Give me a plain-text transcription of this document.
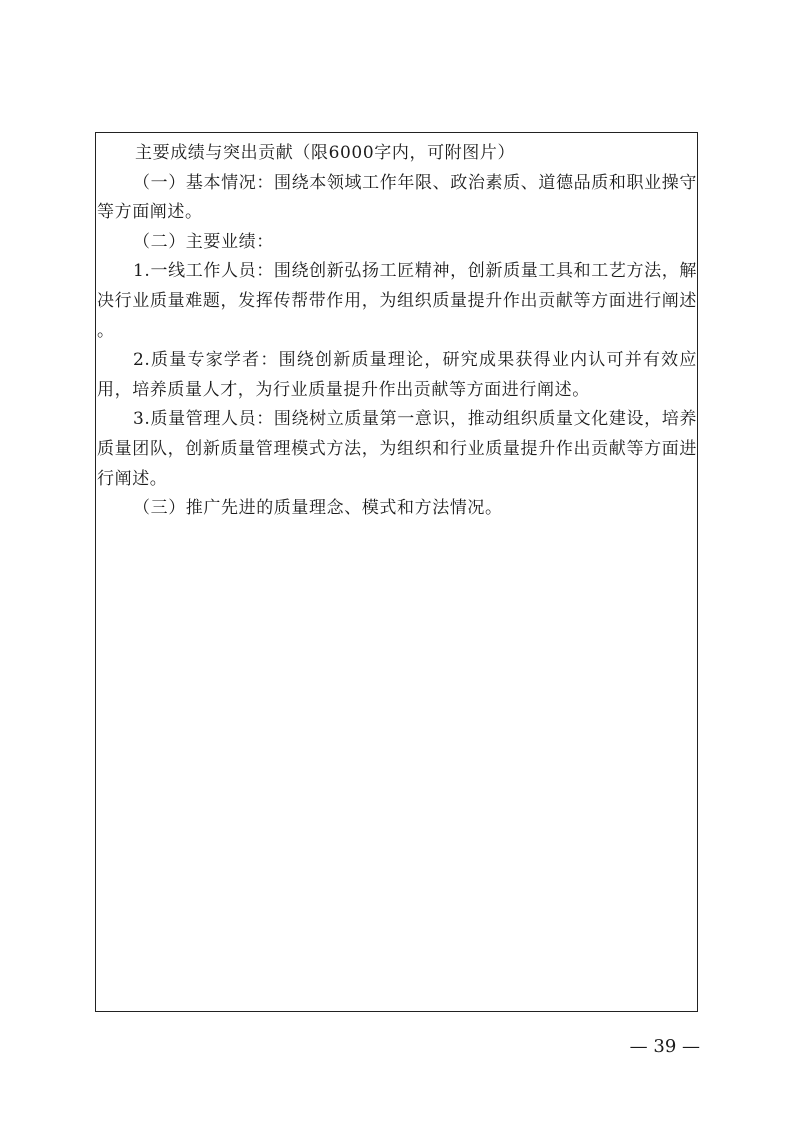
主要成绩与突出贡献（限6000字内，可附图片）

（一）基本情况：围绕本领域工作年限、政治素质、道德品质和职业操守等方面阐述。

（二）主要业绩：

1.一线工作人员：围绕创新弘扬工匠精神，创新质量工具和工艺方法，解决行业质量难题，发挥传帮带作用，为组织质量提升作出贡献等方面进行阐述 。

2.质量专家学者：围绕创新质量理论，研究成果获得业内认可并有效应用，培养质量人才，为行业质量提升作出贡献等方面进行阐述。

3.质量管理人员：围绕树立质量第一意识，推动组织质量文化建设，培养质量团队，创新质量管理模式方法，为组织和行业质量提升作出贡献等方面进行阐述。

（三）推广先进的质量理念、模式和方法情况。

— 39 —
